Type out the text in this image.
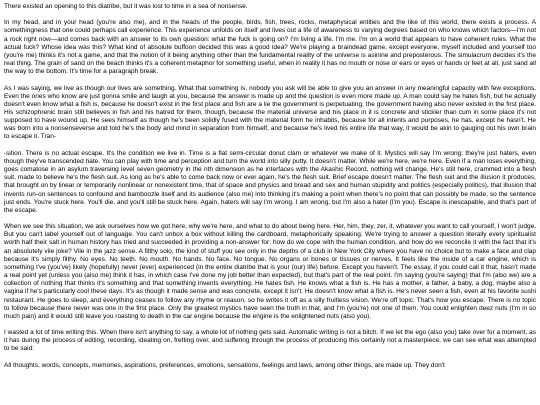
There existed an opening to this diatribe, but it was lost to time in a sea of nonsense.

In my head, and in your head (you're also me), and in the heads of the people, birds, fish, trees, rocks, metaphysical entities and the like of this world, there exists a process. A somethingness that one could perhaps call experience. This experience unfolds on itself and lives out a life of awareness to varying degrees based on who knows which factors—I'm not a rock right now—and comes back with an answer to its own question: what the fuck is going on? I'm living a life. I'm me. I'm on a world that appears to have coherent rules. What the actual fuck? Whose idea was this? What kind of absolute buffoon decided this was a good idea? We're playing a braindead game, except everyone, myself included and yourself too (you're me) thinks it's not a game, and that the notion of it being anything other than the fundamental reality of the universe is asinine and preposterous. The simulacrum decides it's the real thing. The grain of sand on the beach thinks it's a coherent metaphor for something useful, when in reality it has no mouth or nose or ears or eyes or hands or feet at all, just sand all the way to the bottom. It's time for a paragraph break.

As I was saying, we live as though our lives are something. What that something is, nobody you ask will be able to give you an answer in any meaningful capacity with few exceptions. Even the ones who know are just gonna smile and laugh at you, because the answer is made up and the question is even more made up. A man could say he hates fish, but he actually doesn't even know what a fish is, because he doesn't exist in the first place and fish are a lie the government is perpetuating, the government having also never existed in the first place. His schizophrenic brain still believes in fish and his hatred for them, though, because the material universe and his place in it is concrete and stickier than cum in some place it's not supposed to have wound up. He sees himself as though he's been solidly fused with the material form he inhabits, because for all intents and purposes, he has, except he hasn't. He was born into a nonsenseverse and told he's the body and mind in separation from himself, and because he's lived his entire life that way, it would be akin to gauging out his own brain to escape it. Tran-

-sition. There is no actual escape. It's the condition we live in. Time is a flat semi-circular donut clam or whatever we make of it. Mystics will say I'm wrong; they're just haters, even though they've transcended hate. You can play with time and perception and turn the world into silly putty. It doesn't matter. While we're here, we're here. Even if a man loses everything, goes comatose in an asylum traversing level seven geometry in the nth dimension as he interfaces with the Akashic Record, nothing will change. He's still here, crammed into a flesh suit, made to believe he's the flesh suit. As long as he's able to come back now or ever again, he's the flesh suit. Brief escape doesn't matter. The flesh suit and the illusion it produces, that brought on by linear or temporarily nonlinear or nonexistent time, that of space and physics and bread and sex and human stupidity and politics (especially politics), that illusion that invents run-on sentences to confound and bamboozle itself and its audience (also me) into thinking it's making a point when there's no point that can possibly be made, so the sentence just ends. You're stuck here. You'll die, and you'll still be stuck here. Again, haters will say I'm wrong. I am wrong, but I'm also a hater (I'm you). Escape is inescapable, and that's part of the escape.

When we see this situation, we ask ourselves how we got here, why we're here, and what to do about being here. Her, him, they, zer, it, whatever you want to call yourself, I won't judge. But you can't label yourself out of language. You can't unbox a box without killing the cardboard, metaphorically speaking. We're trying to answer a question literally every spiritualist worth half their salt in human history has tried and succeeded in providing a non-answer for: how do we cope with the human condition, and how do we reconcile it with the fact that it's an absolutely vile joke? Vile in the jazz sense. A filthy solo, the kind of stuff you see only in the depths of a club in New York City where you have no choice but to make a face and clap because it's simply filthy. No eyes. No teeth. No mouth. No hands. No face. No tongue. No organs or bones or tissues or nerves. It feels like the inside of a car engine, which is something I've (you've) likely (hopefully) never (ever) experienced (in the entire diatribe that is your (our) life) before. Except you haven't. The essay, if you could call it that, hasn't made a real point yet (unless you (also me) think it has, in which case I've done my job better than expected), but that's part of the real point. I'm saying (you're saying) that I'm (also we) are a collection of nothing that thinks it's something and that something invents everything. He hates fish. He knows what a fish is. He has a mother, a father, a baby, a dog, maybe also a vagina if he's particularly cool these days. It's as though it made sense and was concrete, except it isn't. He doesn't know what a fish is. He's never seen a fish, even at his favorite sushi restaurant. He goes to sleep, and everything ceases to follow any rhyme or reason, so he writes it off as a silly fruitless vision. We're off topic. That's how you escape. There is no topic to follow because there never was one in the first place. Only the greatest mystics have seen the truth in that, and I'm (you're) not one of them. You could enlighten deez nuts (I'm in so much pain) and it would still leave you roasting to death in the car engine because the engine is the enlightened nuts (also you).

I wasted a lot of time writing this. When there isn't anything to say, a whole lot of nothing gets said. Automatic writing is not a bitch. If we let the ego (also you) take over for a moment, as it has during the process of editing, recording, ideating on, fretting over, and suffering through the process of producing this certainly not a masterpiece, we can see what was attempted to be said:

All thoughts, words, concepts, memories, aspirations, preferences, emotions, sensations, feelings and laws, among other things, are made up. They don't
